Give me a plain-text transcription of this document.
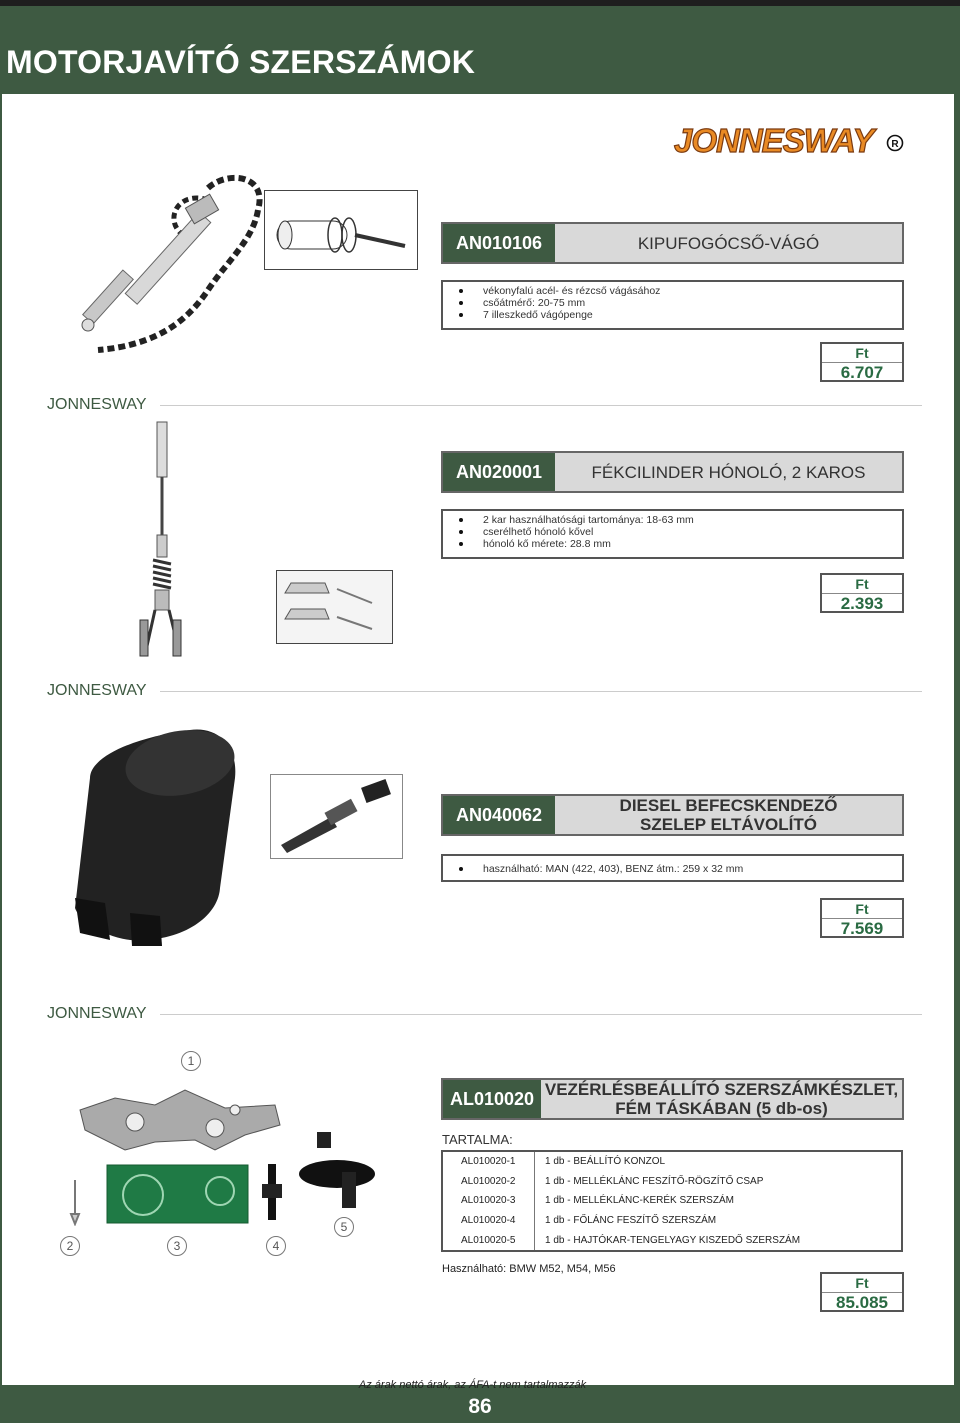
MOTORJAVÍTÓ SZERSZÁMOK
JONNESWAY R
AN010106	KIPUFOGÓCSŐ-VÁGÓ
vékonyfalú acél- és rézcső vágásához
csőátmérő: 20-75 mm
7 illeszkedő vágópenge
Ft
6.707
JONNESWAY
AN020001	FÉKCILINDER HÓNOLÓ, 2 KAROS
2 kar használhatósági tartománya: 18-63 mm
cserélhető hónoló kővel
hónoló kő mérete: 28.8 mm
Ft
2.393
JONNESWAY
AN040062	DIESEL BEFECSKENDEZŐ
SZELEP ELTÁVOLÍTÓ
használható: MAN (422, 403), BENZ átm.: 259 x 32 mm
Ft
7.569
JONNESWAY
1
5
2	3	4
AL010020 VEZÉRLÉSBEÁLLÍTÓ SZERSZÁMKÉSZLET,
FÉM TÁSKÁBAN (5 db-os)
TARTALMA:
AL010020-1	1 db - BEÁLLÍTÓ KONZOL
AL010020-2	1 db - MELLÉKLÁNC FESZÍTŐ-RÖGZÍTŐ CSAP
AL010020-3	1 db - MELLÉKLÁNC-KERÉK SZERSZÁM
AL010020-4	1 db - FŐLÁNC FESZÍTŐ SZERSZÁM
AL010020-5	1 db - HAJTÓKAR-TENGELYAGY KISZEDŐ SZERSZÁM
Használható: BMW M52, M54, M56
Ft
85.085
Az árak nettó árak, az ÁFA-t nem tartalmazzák
86
